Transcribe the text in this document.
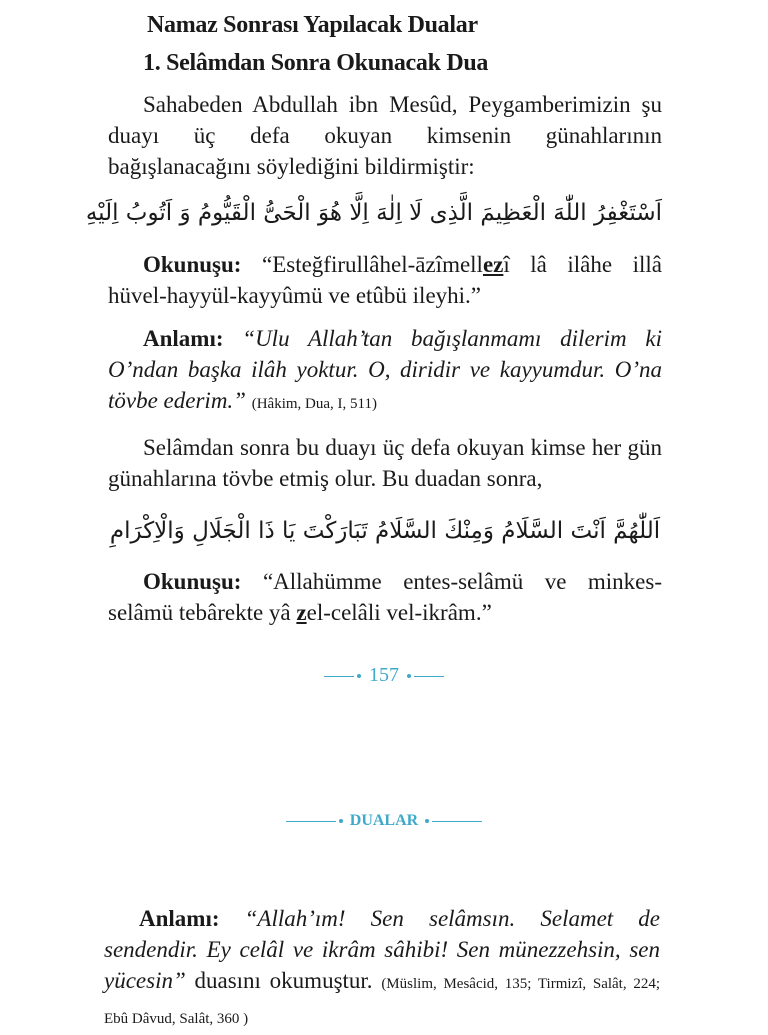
Namaz Sonrası Yapılacak Dualar
1. Selâmdan Sonra Okunacak Dua
Sahabeden Abdullah ibn Mesûd, Peygamberimizin şu duayı üç defa okuyan kimsenin günahlarının bağışlanacağını söylediğini bildirmiştir:
اَسْتَغْفِرُ اللّٰهَ الْعَظِيمَ الَّذِى لَا اِلٰهَ اِلَّا هُوَ الْحَىُّ الْقَيُّومُ وَ اَتُوبُ اِلَيْهِ
Okunuşu: “Esteğfirullâhel-āzîmellezî lâ ilâhe illâ hüvel-hayyül-kayyûmü ve etûbü ileyhi.”
Anlamı: “Ulu Allah’tan bağışlanmamı dilerim ki O’ndan başka ilâh yoktur. O, diridir ve kayyumdur. O’na tövbe ederim.” (Hâkim, Dua, I, 511)
Selâmdan sonra bu duayı üç defa okuyan kimse her gün günahlarına tövbe etmiş olur. Bu duadan sonra,
اَللّٰهُمَّ اَنْتَ السَّلَامُ وَمِنْكَ السَّلَامُ تَبَارَكْتَ يَا ذَا الْجَلَالِ وَالْاِكْرَامِ
Okunuşu: “Allahümme entes-selâmü ve minkes-selâmü tebârekte yâ zel-celâli vel-ikrâm.”
157
DUALAR
Anlamı: “Allah’ım! Sen selâmsın. Selamet de sendendir. Ey celâl ve ikrâm sâhibi! Sen münezzehsin, sen yücesin” duasını okumuştur. (Müslim, Mesâcid, 135; Tirmizî, Salât, 224; Ebû Dâvud, Salât, 360 )
